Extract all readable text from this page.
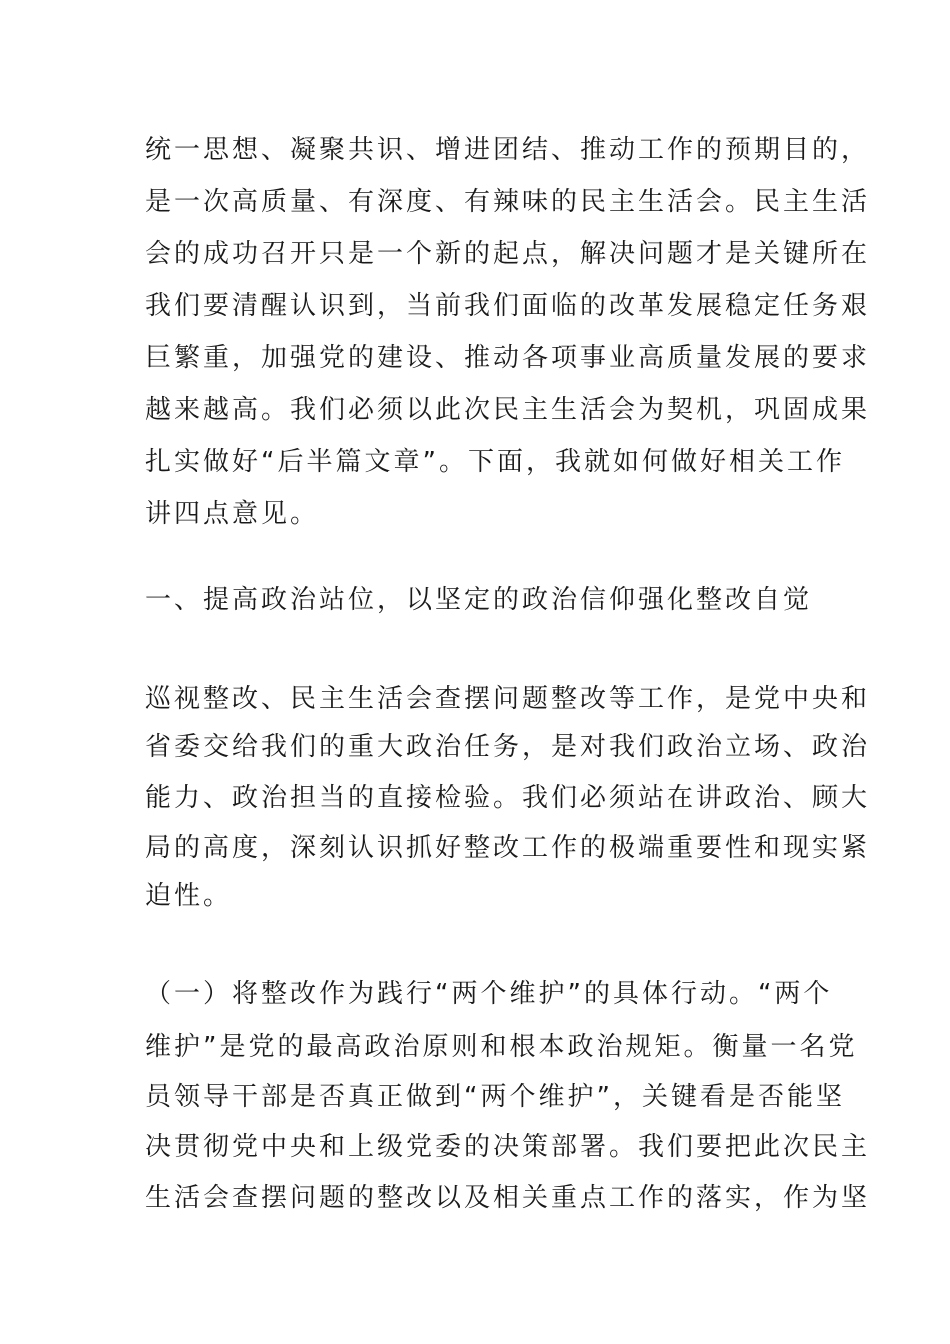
统一思想、凝聚共识、增进团结、推动工作的预期目的，
是一次高质量、有深度、有辣味的民主生活会。民主生活
会的成功召开只是一个新的起点，解决问题才是关键所在
我们要清醒认识到，当前我们面临的改革发展稳定任务艰
巨繁重，加强党的建设、推动各项事业高质量发展的要求
越来越高。我们必须以此次民主生活会为契机，巩固成果
扎实做好“后半篇文章”。下面，我就如何做好相关工作
讲四点意见。
一、提高政治站位，以坚定的政治信仰强化整改自觉
巡视整改、民主生活会查摆问题整改等工作，是党中央和
省委交给我们的重大政治任务，是对我们政治立场、政治
能力、政治担当的直接检验。我们必须站在讲政治、顾大
局的高度，深刻认识抓好整改工作的极端重要性和现实紧
迫性。
（一）将整改作为践行“两个维护”的具体行动。“两个
维护”是党的最高政治原则和根本政治规矩。衡量一名党
员领导干部是否真正做到“两个维护”，关键看是否能坚
决贯彻党中央和上级党委的决策部署。我们要把此次民主
生活会查摆问题的整改以及相关重点工作的落实，作为坚
